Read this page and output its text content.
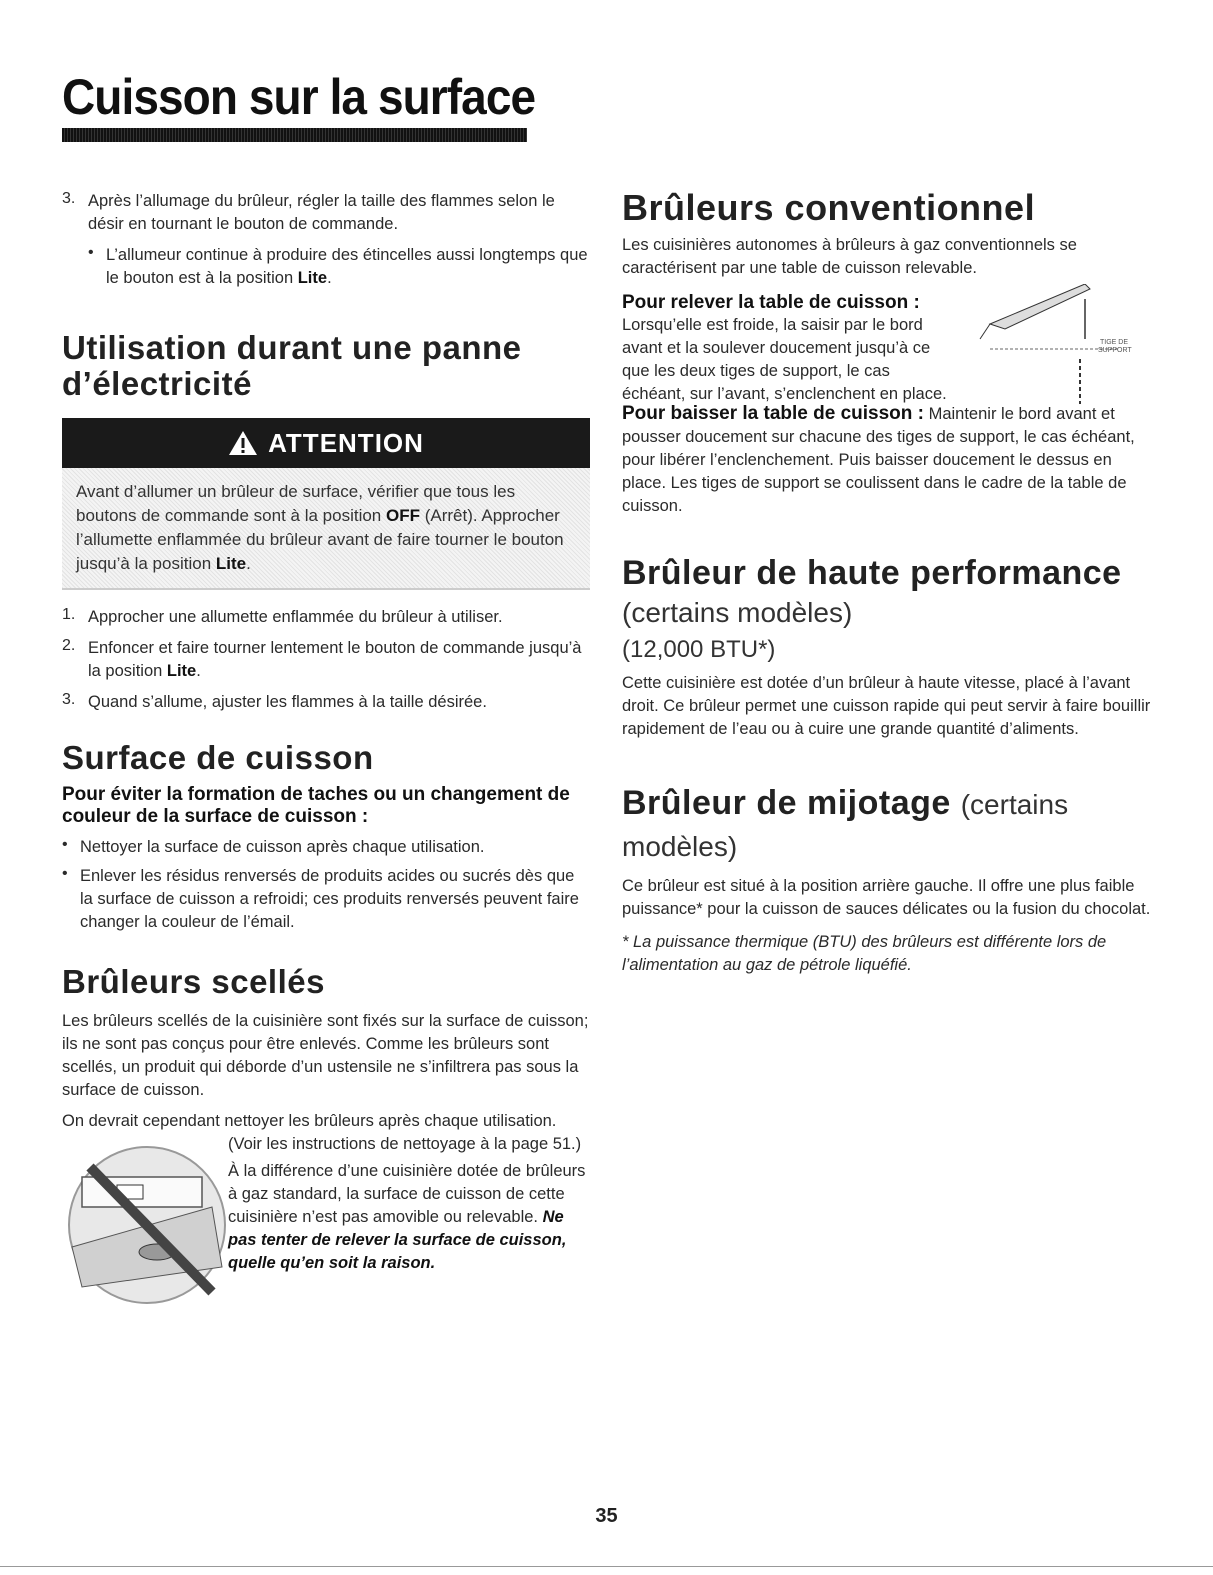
Cuisson sur la surface
3. Après l’allumage du brûleur, régler la taille des flammes selon le désir en tournant le bouton de commande.

• L’allumeur continue à produire des étincelles aussi longtemps que le bouton est à la position Lite.

Utilisation durant une panne d’électricité
ATTENTION
Avant d’allumer un brûleur de surface, vérifier que tous les boutons de commande sont à la position OFF (Arrêt). Approcher l’allumette enflammée du brûleur avant de faire tourner le bouton jusqu’à la position Lite.
1. Approcher une allumette enflammée du brûleur à utiliser.

2. Enfoncer et faire tourner lentement le bouton de commande jusqu’à la position Lite.

3. Quand s’allume, ajuster les flammes à la taille désirée.

Surface de cuisson
Pour éviter la formation de taches ou un changement de couleur de la surface de cuisson :
• Nettoyer la surface de cuisson après chaque utilisation.

• Enlever les résidus renversés de produits acides ou sucrés dès que la surface de cuisson a refroidi; ces produits renversés peuvent faire changer la couleur de l’émail.

Brûleurs scellés

Les brûleurs scellés de la cuisinière sont fixés sur la surface de cuisson; ils ne sont pas conçus pour être enlevés. Comme les brûleurs sont scellés, un produit qui déborde d’un ustensile ne s’infiltrera pas sous la surface de cuisson.

On devrait cependant nettoyer les brûleurs après chaque utilisation.

(Voir les instructions de nettoyage à la page 51.)

À la différence d’une cuisinière dotée de brûleurs à gaz standard, la surface de cuisson de cette cuisinière n’est pas amovible ou relevable. Ne pas tenter de relever la surface de cuisson, quelle qu’en soit la raison.

Brûleurs conventionnel

Les cuisinières autonomes à brûleurs à gaz conventionnels se caractérisent par une table de cuisson relevable.

Pour relever la table de cuisson :

Lorsqu’elle est froide, la saisir par le bord avant et la soulever doucement jusqu’à ce que les deux tiges de support, le cas échéant, sur l’avant, s’enclenchent en place.

TIGE DE
SUPPORT

Pour baisser la table de cuisson : Maintenir le bord avant et pousser doucement sur chacune des tiges de support, le cas échéant, pour libérer l’enclenchement. Puis baisser doucement le dessus en place. Les tiges de support se coulissent dans le cadre de la table de cuisson.

Brûleur de haute performance (certains modèles)
(12,000 BTU*)

Cette cuisinière est dotée d’un brûleur à haute vitesse, placé à l’avant droit. Ce brûleur permet une cuisson rapide qui peut servir à faire bouillir rapidement de l’eau ou à cuire une grande quantité d’aliments.

Brûleur de mijotage (certains modèles)

Ce brûleur est situé à la position arrière gauche. Il offre une plus faible puissance* pour la cuisson de sauces délicates ou la fusion du chocolat.

* La puissance thermique (BTU) des brûleurs est différente lors de l’alimentation au gaz de pétrole liquéfié.

35
